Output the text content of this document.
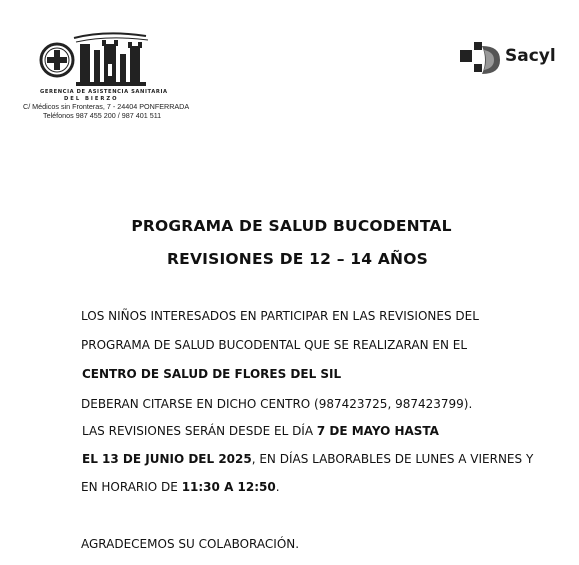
GERENCIA DE ASISTENCIA SANITARIA
DEL BIERZO
C/ Médicos sin Fronteras, 7 - 24404 PONFERRADA
Teléfonos 987 455 200 / 987 401 511
Sacyl
PROGRAMA DE SALUD BUCODENTAL
REVISIONES DE 12 – 14 AÑOS
LOS NIÑOS INTERESADOS EN PARTICIPAR EN LAS REVISIONES DEL
PROGRAMA DE SALUD BUCODENTAL QUE SE REALIZARAN EN EL
CENTRO DE SALUD DE FLORES DEL SIL
DEBERAN CITARSE EN DICHO CENTRO (987423725, 987423799).
LAS REVISIONES SERÁN DESDE EL DÍA 7 DE MAYO HASTA
EL 13 DE JUNIO DEL 2025, EN DÍAS LABORABLES DE LUNES A VIERNES Y
EN HORARIO DE 11:30 A 12:50.
AGRADECEMOS SU COLABORACIÓN.
